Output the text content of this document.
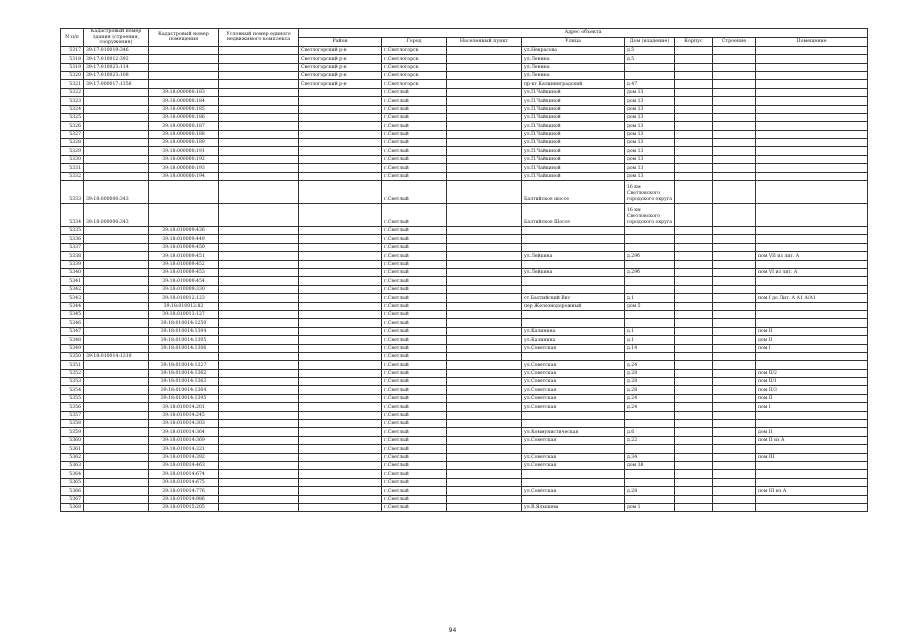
N п/п	Кадастровый номер здания (строения, сооружения)	Кадастровый номер помещения	Условный номер единого недвижимого комплекса	Адрес объекта							
				Район	Город	Населенный пункт	Улица	Дом (владение)	Корпус	Строение	Помещение
5317	39:17:010019:346			Светлогорский р-н	г.Светлогорск		ул.Некрасова	д.5			
5318	39:17:010012:392			Светлогорский р-н	г.Светлогорск		ул.Ленина	д.5			
5319	39:17:010023:114			Светлогорский р-н	г.Светлогорск		ул.Ленина				
5320	39:17:010023:108			Светлогорский р-н	г.Светлогорск		ул.Ленина				
5321	39:17:000017:1356			Светлогорский р-н	г.Светлогорск		пр-кт Калининградский	д.47			
5322		39:18:000000:183			г.Светлый		ул.П.Чайкиной	дом 13			
5323		39:18:000000:184			г.Светлый		ул.П.Чайкиной	дом 13			
5324		39:18:000000:185			г.Светлый		ул.П.Чайкиной	дом 13			
5325		39:18:000000:186			г.Светлый		ул.П.Чайкиной	дом 13			
5326		39:18:000000:187			г.Светлый		ул.П.Чайкиной	дом 13			
5327		39:18:000000:188			г.Светлый		ул.П.Чайкиной	дом 13			
5328		39:18:000000:189			г.Светлый		ул.П.Чайкиной	дом 13			
5329		39:18:000000:191			г.Светлый		ул.П.Чайкиной	дом 13			
5330		39:18:000000:192			г.Светлый		ул.П.Чайкиной	дом 13			
5331		39:18:000000:193			г.Светлый		ул.П.Чайкиной	дом 13			
5332		39:18:000000:194			г.Светлый		ул.П.Чайкиной	дом 13			
5333	39:18:000000:343				г.Светлый		Балтийское шоссе	16 км Светловского городского округа			
5334	39:18:000000:343				г.Светлый		Балтийское Шоссе	16 км Светловского городского округа			
5335		39:18:010009:436			г.Светлый						
5336		39:18:010009:449			г.Светлый						
5337		39:18:010009:450			г.Светлый						
5338		39:18:010009:451			г.Светлый		ул.Лейкина	д.29б			пом VII из лит. А
5339		39:18:010009:452			г.Светлый						
5340		39:18:010009:453			г.Светлый		ул.Лейкина	д.29б			пом VI из лит. А
5341		39:18:010009:454			г.Светлый						
5342		39:18:010009:330			г.Светлый						
5343		39:18:010012:123			г.Светлый		ст Балтийский Вис	д.1			пом I до Лит. А А1 А/А1
5344		39:18:010012:82			г.Светлый		пер Железнодорожный	дом 5			
5345		39:18:010013:127			г.Светлый						
5346		39:18:010014:1250			г.Светлый						
5347		39:18:010014:1304			г.Светлый		ул.Калинина	д.1			пом II
5348		39:18:010014:1305			г.Светлый		ул.Калинина	д.1			дом II
5349		39:18:010014:1306			г.Светлый		ул.Советская	д.14			пом I
5350	39:18:010014:1310				г.Светлый						
5351		39:18:010014:1327			г.Светлый		ул.Советская	д.24			
5352		39:18:010014:1362			г.Светлый		ул.Советская	д.28			пом II/2
5353		39:18:010014:1363			г.Светлый		ул.Советская	д.28			пом II/1
5354		39:18:010014:1364			г.Светлый		ул.Советская	д.28			пом II/3
5355		39:18:010014:1395			г.Светлый		ул.Советская	д.24			пом II
5356		39:18:010014:201			г.Светлый		ул.Советская	д.24			пом I
5357		39:18:010014:245			г.Светлый						
5358		39:18:010014:303			г.Светлый						
5359		39:18:010014:364			г.Светлый		ул.Коммунистическая	д.6			дом II
5360		39:18:010014:369			г.Светлый		ул.Советская	д.22			пом II из А
5361		39:18:010014:321			г.Светлый						
5362		39:18:010014:392			г.Светлый		ул.Советская	д.34			пом III
5363		39:18:010014:463			г.Светлый		ул.Советская	дом 38			
5364		39:18:010014:674			г.Светлый						
5365		39:18:010014:675			г.Светлый						
5366		39:18:010014:776			г.Светлый		ул.Советская	д.28			пом III из А
5367		39:18:010014:986			г.Светлый						
5368		39:18:010015:205			г.Светлый		ул.В.Ялышева	дом 1			
94
